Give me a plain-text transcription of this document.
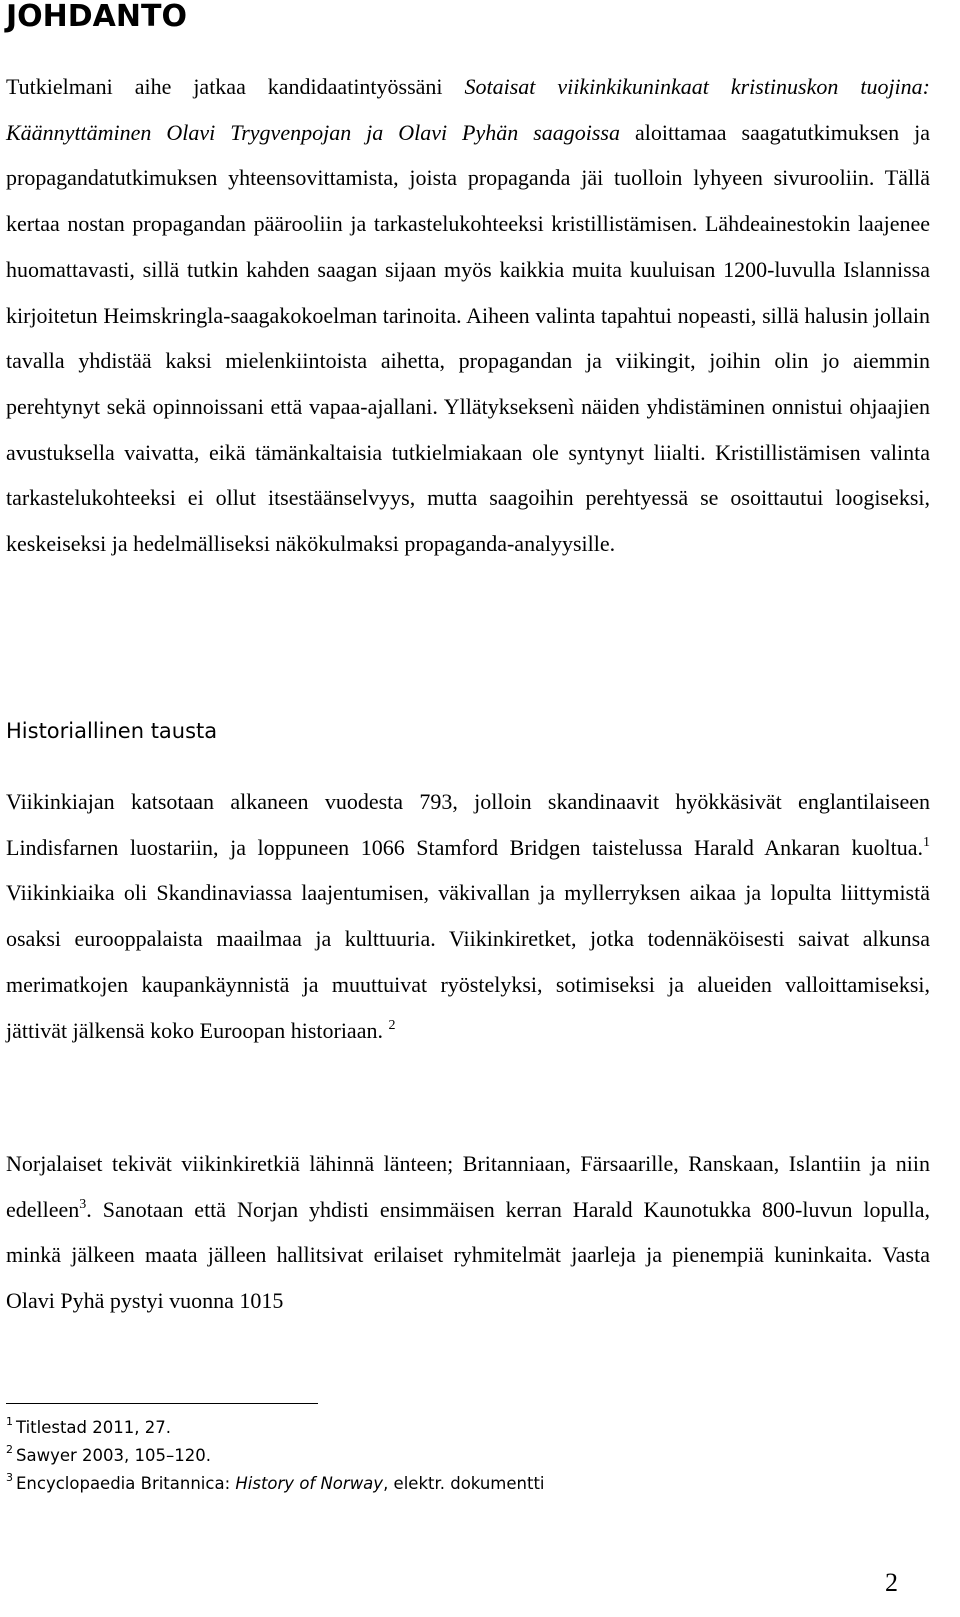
JOHDANTO

Tutkielmani aihe jatkaa kandidaatintyössäni Sotaisat viikinkikuninkaat kristinuskon tuojina: Käännyttäminen Olavi Trygvenpojan ja Olavi Pyhän saagoissa aloittamaa saagatutkimuksen ja propagandatutkimuksen yhteensovittamista, joista propaganda jäi tuolloin lyhyeen sivurooliin. Tällä kertaa nostan propagandan päärooliin ja tarkastelukohteeksi kristillistämisen. Lähdeainestokin laajenee huomattavasti, sillä tutkin kahden saagan sijaan myös kaikkia muita kuuluisan 1200-luvulla Islannissa kirjoitetun Heimskringla-saagakokoelman tarinoita. Aiheen valinta tapahtui nopeasti, sillä halusin jollain tavalla yhdistää kaksi mielenkiintoista aihetta, propagandan ja viikingit, joihin olin jo aiemmin perehtynyt sekä opinnoissani että vapaa-ajallani. Yllätykseksenì näiden yhdistäminen onnistui ohjaajien avustuksella vaivatta, eikä tämänkaltaisia tutkielmiakaan ole syntynyt liialti. Kristillistämisen valinta tarkastelukohteeksi ei ollut itsestäänselvyys, mutta saagoihin perehtyessä se osoittautui loogiseksi, keskeiseksi ja hedelmälliseksi näkökulmaksi propaganda-analyysille.

Historiallinen tausta

Viikinkiajan katsotaan alkaneen vuodesta 793, jolloin skandinaavit hyökkäsivät englantilaiseen Lindisfarnen luostariin, ja loppuneen 1066 Stamford Bridgen taistelussa Harald Ankaran kuoltua.$^1$ Viikinkiaika oli Skandinaviassa laajentumisen, väkivallan ja myllerryksen aikaa ja lopulta liittymistä osaksi eurooppalaista maailmaa ja kulttuuria. Viikinkiretket, jotka todennäköisesti saivat alkunsa merimatkojen kaupankäynnistä ja muuttuivat ryöstelyksi, sotimiseksi ja alueiden valloittamiseksi, jättivät jälkensä koko Euroopan historiaan. $^2$

Norjalaiset tekivät viikinkiretkiä lähinnä länteen; Britanniaan, Färsaarille, Ranskaan, Islantiin ja niin edelleen$^3$. Sanotaan että Norjan yhdisti ensimmäisen kerran Harald Kaunotukka 800-luvun lopulla, minkä jälkeen maata jälleen hallitsivat erilaiset ryhmitelmät jaarleja ja pienempiä kuninkaita. Vasta Olavi Pyhä pystyi vuonna 1015

$^1$ Titlestad 2011, 27.
$^2$ Sawyer 2003, 105–120.
$^3$ Encyclopaedia Britannica: History of Norway, elektr. dokumentti
2
